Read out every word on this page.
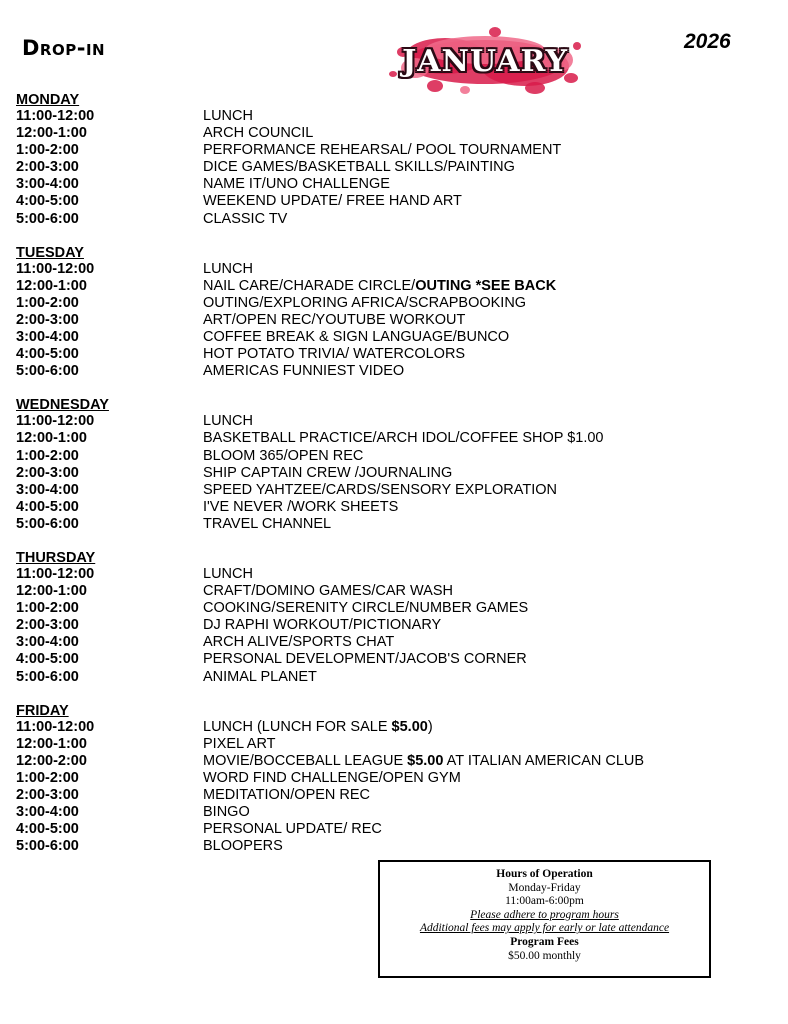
Drop-in	JANUARY
2026
MONDAY
11:00-12:00	LUNCH
12:00-1:00	ARCH COUNCIL
1:00-2:00	PERFORMANCE REHEARSAL/ POOL TOURNAMENT
2:00-3:00	DICE GAMES/BASKETBALL SKILLS/PAINTING
3:00-4:00	NAME IT/UNO CHALLENGE
4:00-5:00	WEEKEND UPDATE/ FREE HAND ART
5:00-6:00	CLASSIC TV
TUESDAY
11:00-12:00	LUNCH
12:00-1:00	NAIL CARE/CHARADE CIRCLE/OUTING *SEE BACK
1:00-2:00	OUTING/EXPLORING AFRICA/SCRAPBOOKING
2:00-3:00	ART/OPEN REC/YOUTUBE WORKOUT
3:00-4:00	COFFEE BREAK & SIGN LANGUAGE/BUNCO
4:00-5:00	HOT POTATO TRIVIA/ WATERCOLORS
5:00-6:00	AMERICAS FUNNIEST VIDEO
WEDNESDAY
11:00-12:00	LUNCH
12:00-1:00	BASKETBALL PRACTICE/ARCH IDOL/COFFEE SHOP $1.00
1:00-2:00	BLOOM 365/OPEN REC
2:00-3:00	SHIP CAPTAIN CREW /JOURNALING
3:00-4:00	SPEED YAHTZEE/CARDS/SENSORY EXPLORATION
4:00-5:00	I'VE NEVER /WORK SHEETS
5:00-6:00	TRAVEL CHANNEL
THURSDAY
11:00-12:00	LUNCH
12:00-1:00	CRAFT/DOMINO GAMES/CAR WASH
1:00-2:00	COOKING/SERENITY CIRCLE/NUMBER GAMES
2:00-3:00	DJ RAPHI WORKOUT/PICTIONARY
3:00-4:00	ARCH ALIVE/SPORTS CHAT
4:00-5:00	PERSONAL DEVELOPMENT/JACOB'S CORNER
5:00-6:00	ANIMAL PLANET
FRIDAY
11:00-12:00	LUNCH (LUNCH FOR SALE $5.00)
12:00-1:00	PIXEL ART
12:00-2:00	MOVIE/BOCCEBALL LEAGUE $5.00 AT ITALIAN AMERICAN CLUB
1:00-2:00	WORD FIND CHALLENGE/OPEN GYM
2:00-3:00	MEDITATION/OPEN REC
3:00-4:00	BINGO
4:00-5:00	PERSONAL UPDATE/ REC
5:00-6:00	BLOOPERS
Hours of Operation
Monday-Friday
11:00am-6:00pm
Please adhere to program hours
Additional fees may apply for early or late attendance
Program Fees
$50.00 monthly
